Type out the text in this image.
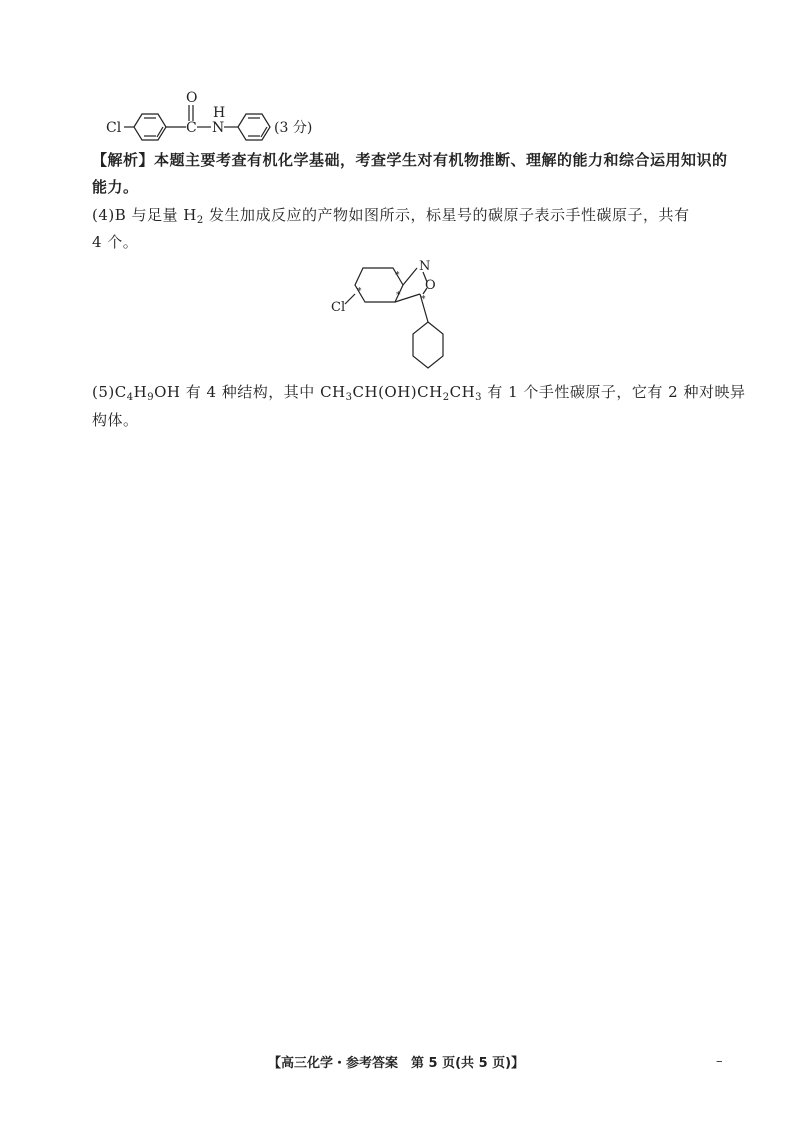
Cl
O
C
H
N	(3 分)
【解析】本题主要考查有机化学基础，考查学生对有机物推断、理解的能力和综合运用知识的
能力。
(4)B 与足量 $H_2$ 发生加成反应的产物如图所示，标星号的碳原子表示手性碳原子，共有
4 个。
Cl
N
O
*
*	* *
$(5)C_4H_9OH$ 有 4 种结构，其中 $CH_3CH(OH)CH_2CH_3$ 有 1 个手性碳原子，它有 2 种对映异
构体。
【高三化学・参考答案　第 5 页(共 5 页)】	–
